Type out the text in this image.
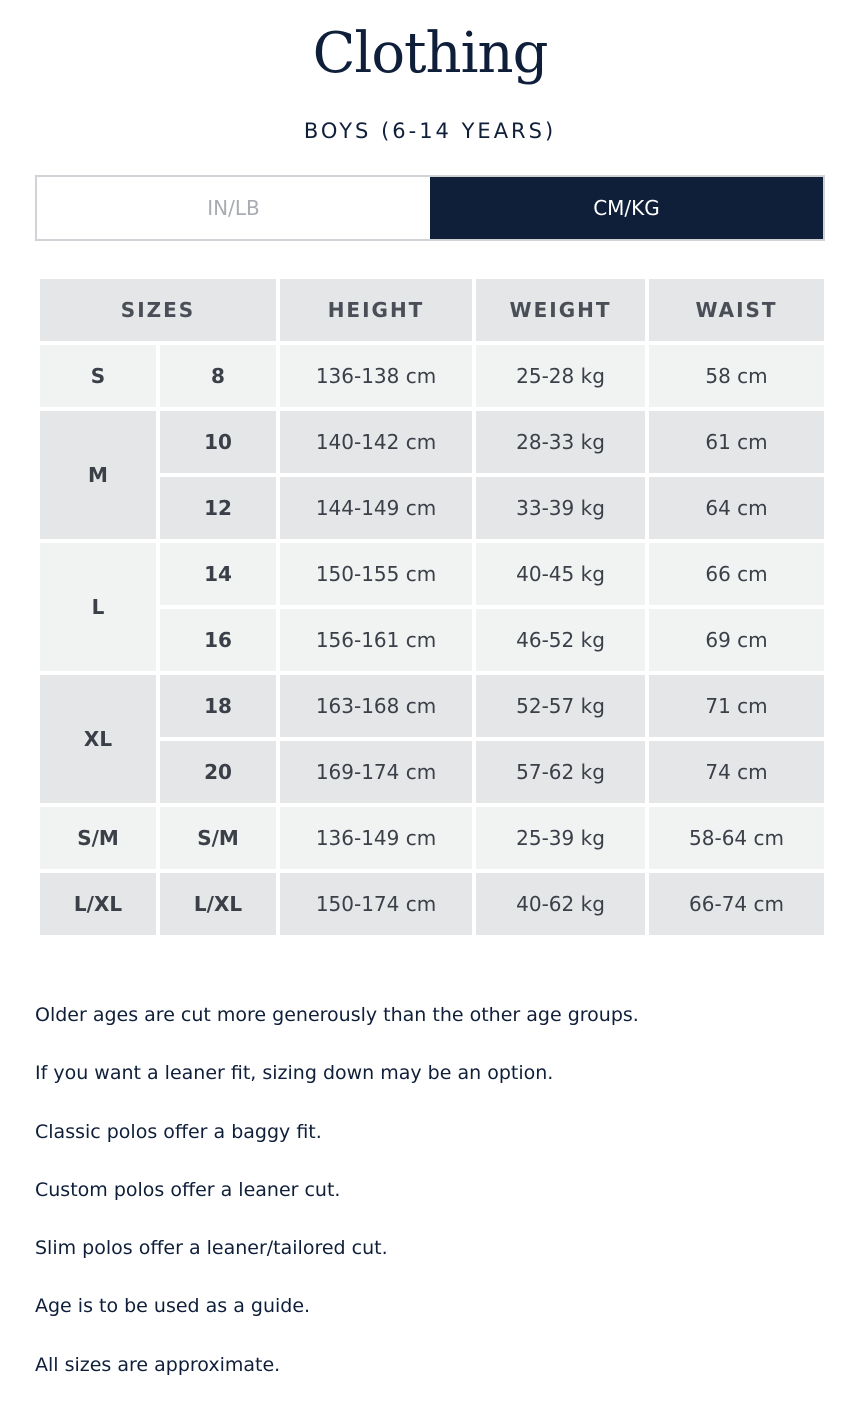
Clothing
BOYS (6-14 YEARS)
IN/LB	CM/KG
SIZES		HEIGHT	WEIGHT	WAIST
S	8	136-138 cm	25-28 kg	58 cm
M	10	140-142 cm	28-33 kg	61 cm
	12	144-149 cm	33-39 kg	64 cm
L	14	150-155 cm	40-45 kg	66 cm
	16	156-161 cm	46-52 kg	69 cm
XL	18	163-168 cm	52-57 kg	71 cm
	20	169-174 cm	57-62 kg	74 cm
S/M	S/M	136-149 cm	25-39 kg	58-64 cm
L/XL	L/XL	150-174 cm	40-62 kg	66-74 cm
Older ages are cut more generously than the other age groups.
If you want a leaner fit, sizing down may be an option.
Classic polos offer a baggy fit.
Custom polos offer a leaner cut.
Slim polos offer a leaner/tailored cut.
Age is to be used as a guide.
All sizes are approximate.
